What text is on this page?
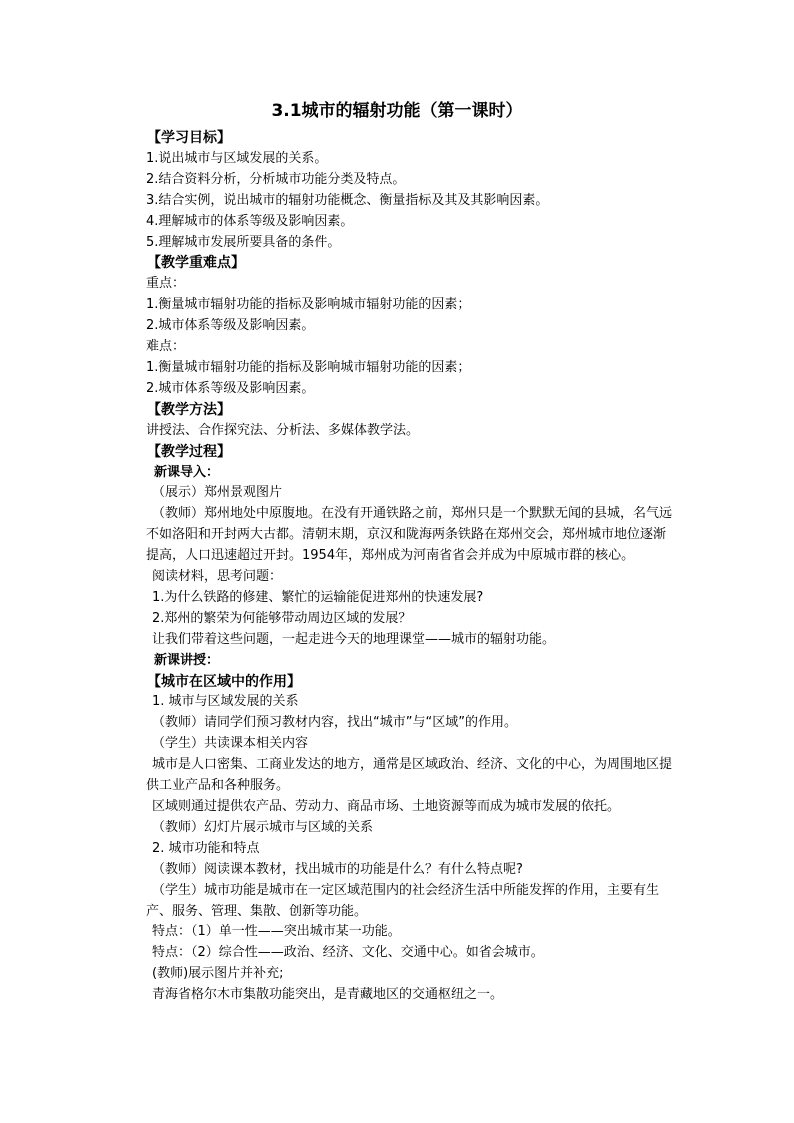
3.1城市的辐射功能（第一课时）
【学习目标】
1.说出城市与区域发展的关系。
2.结合资料分析，分析城市功能分类及特点。
3.结合实例，说出城市的辐射功能概念、衡量指标及其及其影响因素。
4.理解城市的体系等级及影响因素。
5.理解城市发展所要具备的条件。
【教学重难点】
重点：
1.衡量城市辐射功能的指标及影响城市辐射功能的因素；
2.城市体系等级及影响因素。
难点：
1.衡量城市辐射功能的指标及影响城市辐射功能的因素；
2.城市体系等级及影响因素。
【教学方法】
讲授法、合作探究法、分析法、多媒体教学法。
【教学过程】
新课导入：
（展示）郑州景观图片
（教师）郑州地处中原腹地。在没有开通铁路之前，郑州只是一个默默无闻的县城，名气远不如洛阳和开封两大古都。清朝末期，京汉和陇海两条铁路在郑州交会，郑州城市地位逐渐提高，人口迅速超过开封。1954年，郑州成为河南省省会并成为中原城市群的核心。
阅读材料，思考问题：
1.为什么铁路的修建、繁忙的运输能促进郑州的快速发展?
2.郑州的繁荣为何能够带动周边区域的发展？
让我们带着这些问题，一起走进今天的地理课堂——城市的辐射功能。
新课讲授：
【城市在区域中的作用】
1. 城市与区域发展的关系
（教师）请同学们预习教材内容，找出“城市”与“区域”的作用。
（学生）共读课本相关内容
城市是人口密集、工商业发达的地方，通常是区域政治、经济、文化的中心，为周围地区提供工业产品和各种服务。
区域则通过提供农产品、劳动力、商品市场、土地资源等而成为城市发展的依托。
（教师）幻灯片展示城市与区域的关系
2. 城市功能和特点
（教师）阅读课本教材，找出城市的功能是什么？有什么特点呢?
（学生）城市功能是城市在一定区域范围内的社会经济生活中所能发挥的作用，主要有生产、服务、管理、集散、创新等功能。
特点：（1）单一性——突出城市某一功能。
特点：（2）综合性——政治、经济、文化、交通中心。如省会城市。
(教师)展示图片并补充;
青海省格尔木市集散功能突出，是青藏地区的交通枢纽之一。
